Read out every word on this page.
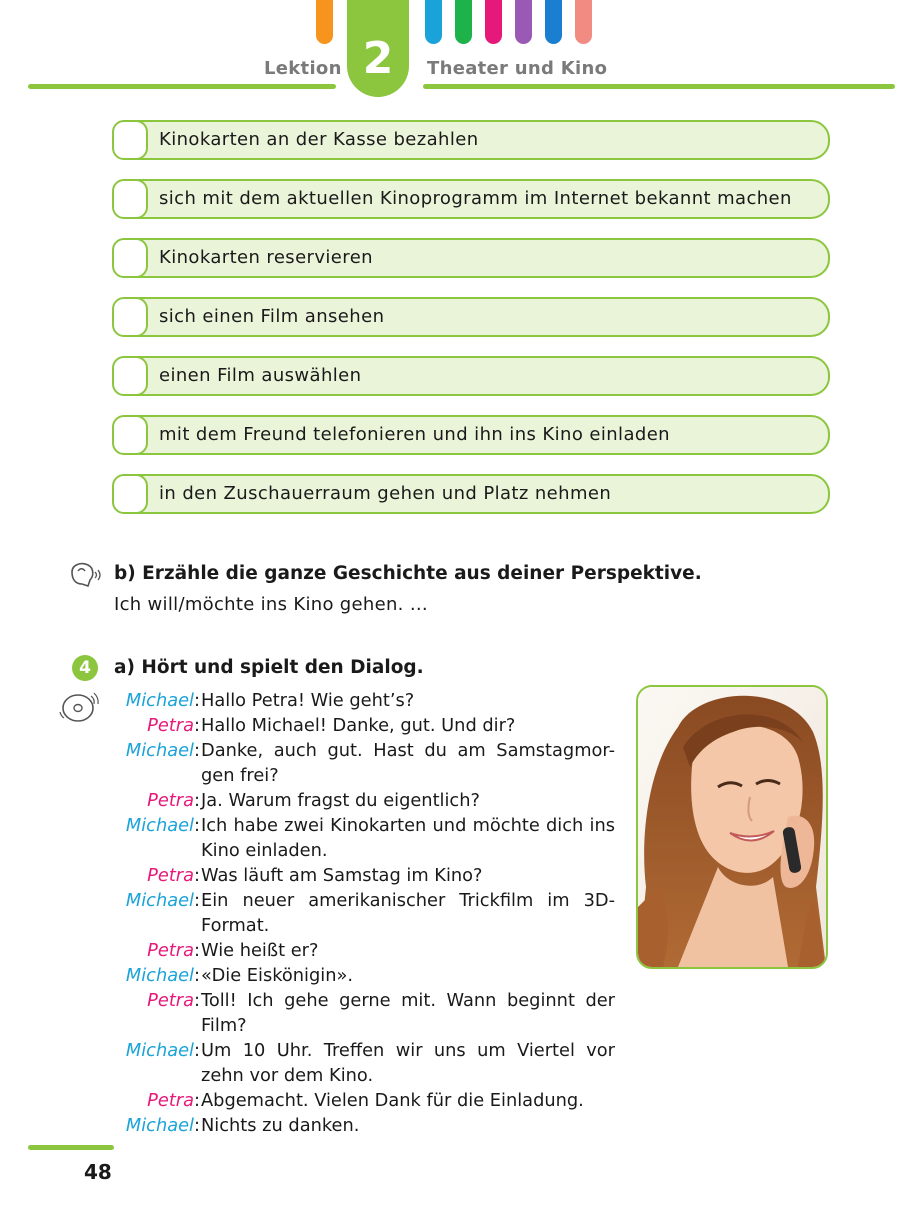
Lektion 2	Theater und Kino
Kinokarten an der Kasse bezahlen
sich mit dem aktuellen Kinoprogramm im Internet bekannt machen
Kinokarten reservieren
sich einen Film ansehen
einen Film auswählen
mit dem Freund telefonieren und ihn ins Kino einladen
in den Zuschauerraum gehen und Platz nehmen
b) Erzähle die ganze Geschichte aus deiner Perspektive.
Ich will/möchte ins Kino gehen. …
4	a) Hört und spielt den Dialog.
Michael: Hallo Petra! Wie geht’s?
Petra: Hallo Michael! Danke, gut. Und dir?
Michael: Danke, auch gut. Hast du am Samstagmor-gen frei?
Petra: Ja. Warum fragst du eigentlich?
Michael: Ich habe zwei Kinokarten und möchte dich ins Kino einladen.
Petra: Was läuft am Samstag im Kino?
Michael: Ein neuer amerikanischer Trickfilm im 3D-Format.
Petra: Wie heißt er?
Michael: «Die Eiskönigin».
Petra: Toll! Ich gehe gerne mit. Wann beginnt der Film?
Michael: Um 10 Uhr. Treffen wir uns um Viertel vor zehn vor dem Kino.
Petra: Abgemacht. Vielen Dank für die Einladung.
Michael: Nichts zu danken.
48
